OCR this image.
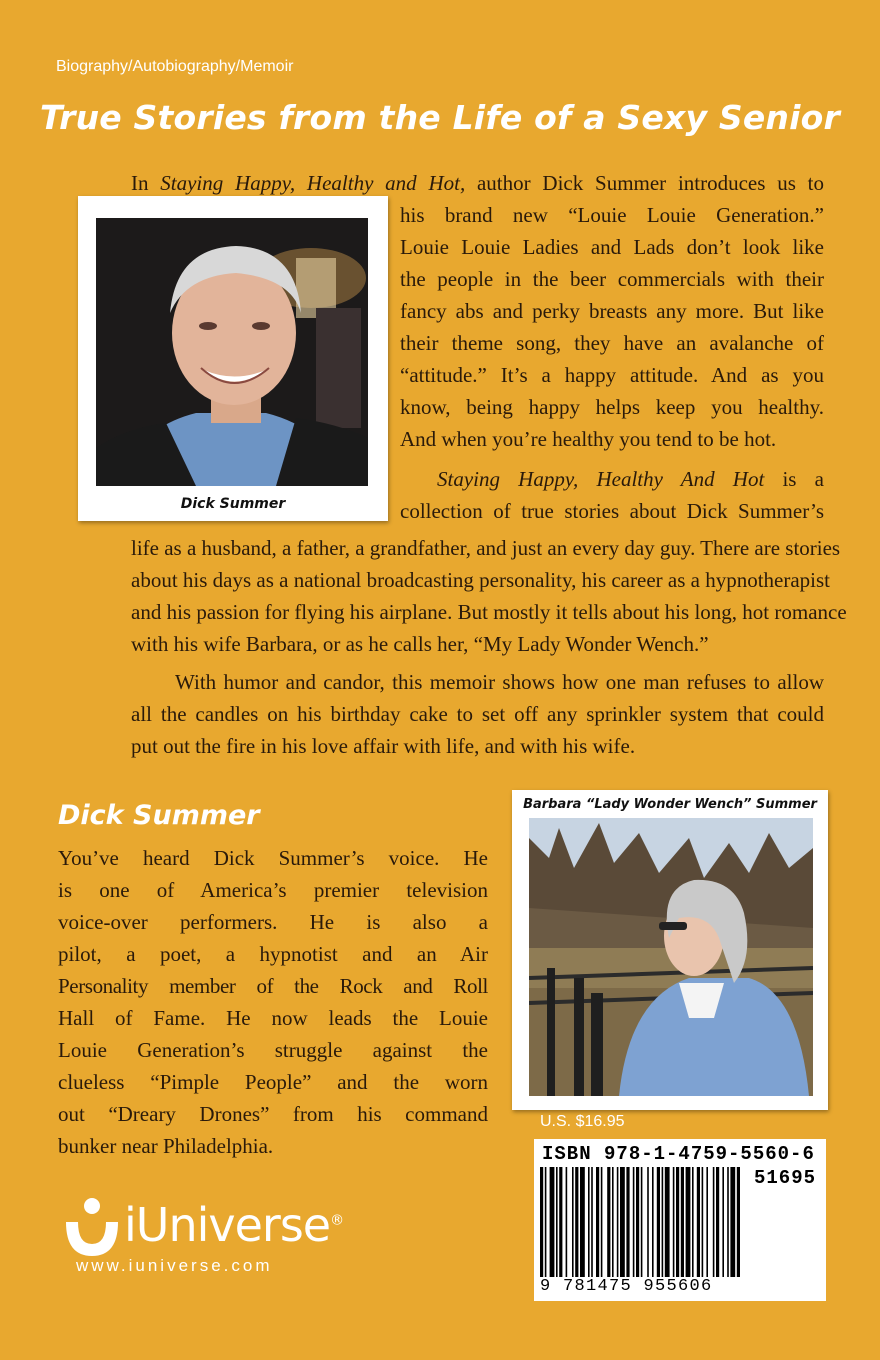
Biography/Autobiography/Memoir
True Stories from the Life of a Sexy Senior
Dick Summer
In Staying Happy, Healthy and Hot, author Dick Summer introduces us to
his brand new “Louie Louie Generation.”
Louie Louie Ladies and Lads don’t look like
the people in the beer commercials with their
fancy abs and perky breasts any more. But like
their theme song, they have an avalanche of
“attitude.” It’s a happy attitude. And as you
know, being happy helps keep you healthy.
And when you’re healthy you tend to be hot.
Staying Happy, Healthy And Hot is a
collection of true stories about Dick Summer’s
life as a husband, a father, a grandfather, and just an every day guy. There are stories
about his days as a national broadcasting personality, his career as a hypnotherapist
and his passion for flying his airplane. But mostly it tells about his long, hot romance
with his wife Barbara, or as he calls her, “My Lady Wonder Wench.”
With humor and candor, this memoir shows how one man refuses to allow
all the candles on his birthday cake to set off any sprinkler system that could
put out the fire in his love affair with life, and with his wife.
Dick Summer
You’ve heard Dick Summer’s voice. He
is one of America’s premier television
voice-over performers. He is also a
pilot, a poet, a hypnotist and an Air
Personality member of the Rock and Roll
Hall of Fame. He now leads the Louie
Louie Generation’s struggle against the
clueless “Pimple People” and the worn
out “Dreary Drones” from his command
bunker near Philadelphia.
Barbara “Lady Wonder Wench” Summer
U.S. $16.95
ISBN 978-1-4759-5560-6
51695
9 781475 955606
iUniverse®
www.iuniverse.com
